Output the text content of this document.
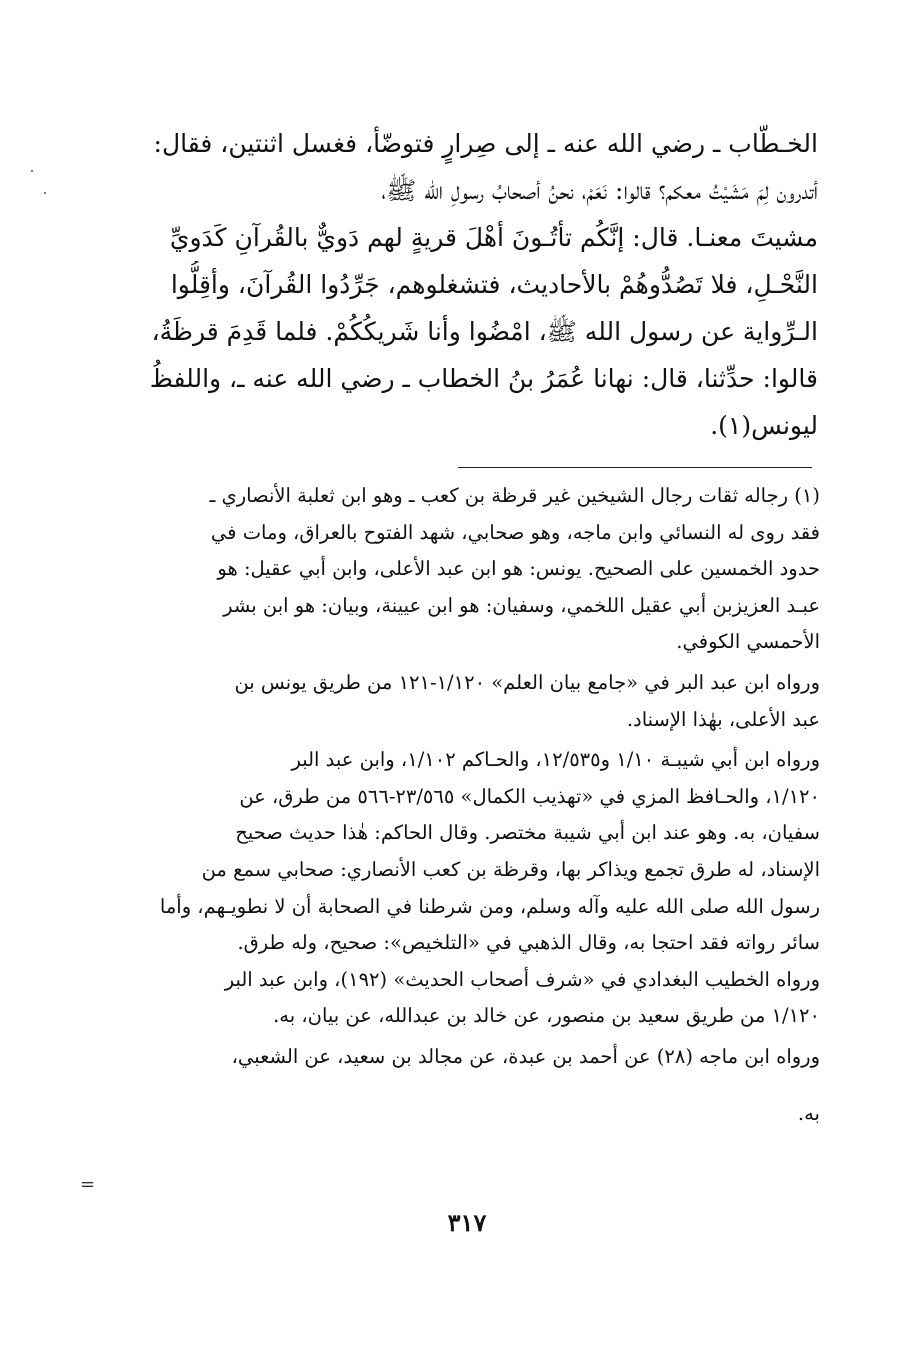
الخـطّاب ـ رضي الله عنه ـ إلى صِرارٍ فتوضّأ، فغسل اثنتين، فقال:
أتدرون لِمَ مَشَيْتُ معكم؟ قالوا: نَعَمْ، نحنُ أصحابُ رسولِ الله ﷺ،
مشيتَ معنـا. قال: إنَّكُم تأتُـونَ أهْلَ قريةٍ لهم دَويٌّ بالقُرآنِ كَدَويِّ
النَّحْـلِ، فلا تَصُدُّوهُمْ بالأحاديث، فتشغلوهم، جَرِّدُوا القُرآنَ، وأقِلُّوا
الـرِّواية عن رسول الله ﷺ، امْضُوا وأنا شَريكُكُمْ. فلما قَدِمَ قرظَةُ،
قالوا: حدِّثنا، قال: نهانا عُمَرُ بنُ الخطاب ـ رضي الله عنه ـ، واللفظُ
ليونس(١).
(١) رجاله ثقات رجال الشيخين غير قرظة بن كعب ـ وهو ابن ثعلبة الأنصاري ـ
فقد روى له النسائي وابن ماجه، وهو صحابي، شهد الفتوح بالعراق، ومات في
حدود الخمسين على الصحيح. يونس: هو ابن عبد الأعلى، وابن أبي عقيل: هو
عبـد العزيزبن أبي عقيل اللخمي، وسفيان: هو ابن عيينة، وبيان: هو ابن بشر
الأحمسي الكوفي.
ورواه ابن عبد البر في «جامع بيان العلم» ١/١٢٠-١٢١ من طريق يونس بن
عبد الأعلى، بهٰذا الإسناد.
ورواه ابن أبي شيبـة ١/١٠ و١٢/٥٣٥، والحـاكم ١/١٠٢، وابن عبد البر
١/١٢٠، والحـافظ المزي في «تهذيب الكمال» ٢٣/٥٦٥-٥٦٦ من طرق، عن
سفيان، به. وهو عند ابن أبي شيبة مختصر. وقال الحاكم: هٰذا حديث صحيح
الإسناد، له طرق تجمع ويذاكر بها، وقرظة بن كعب الأنصاري: صحابي سمع من
رسول الله صلى الله عليه وآله وسلم، ومن شرطنا في الصحابة أن لا نطويـهم، وأما
سائر رواته فقد احتجا به، وقال الذهبي في «التلخيص»: صحيح، وله طرق.
ورواه الخطيب البغدادي في «شرف أصحاب الحديث» (١٩٢)، وابن عبد البر
١/١٢٠ من طريق سعيد بن منصور، عن خالد بن عبدالله، عن بيان، به.
ورواه ابن ماجه (٢٨) عن أحمد بن عبدة، عن مجالد بن سعيد، عن الشعبي،
به.
=
٣١٧
